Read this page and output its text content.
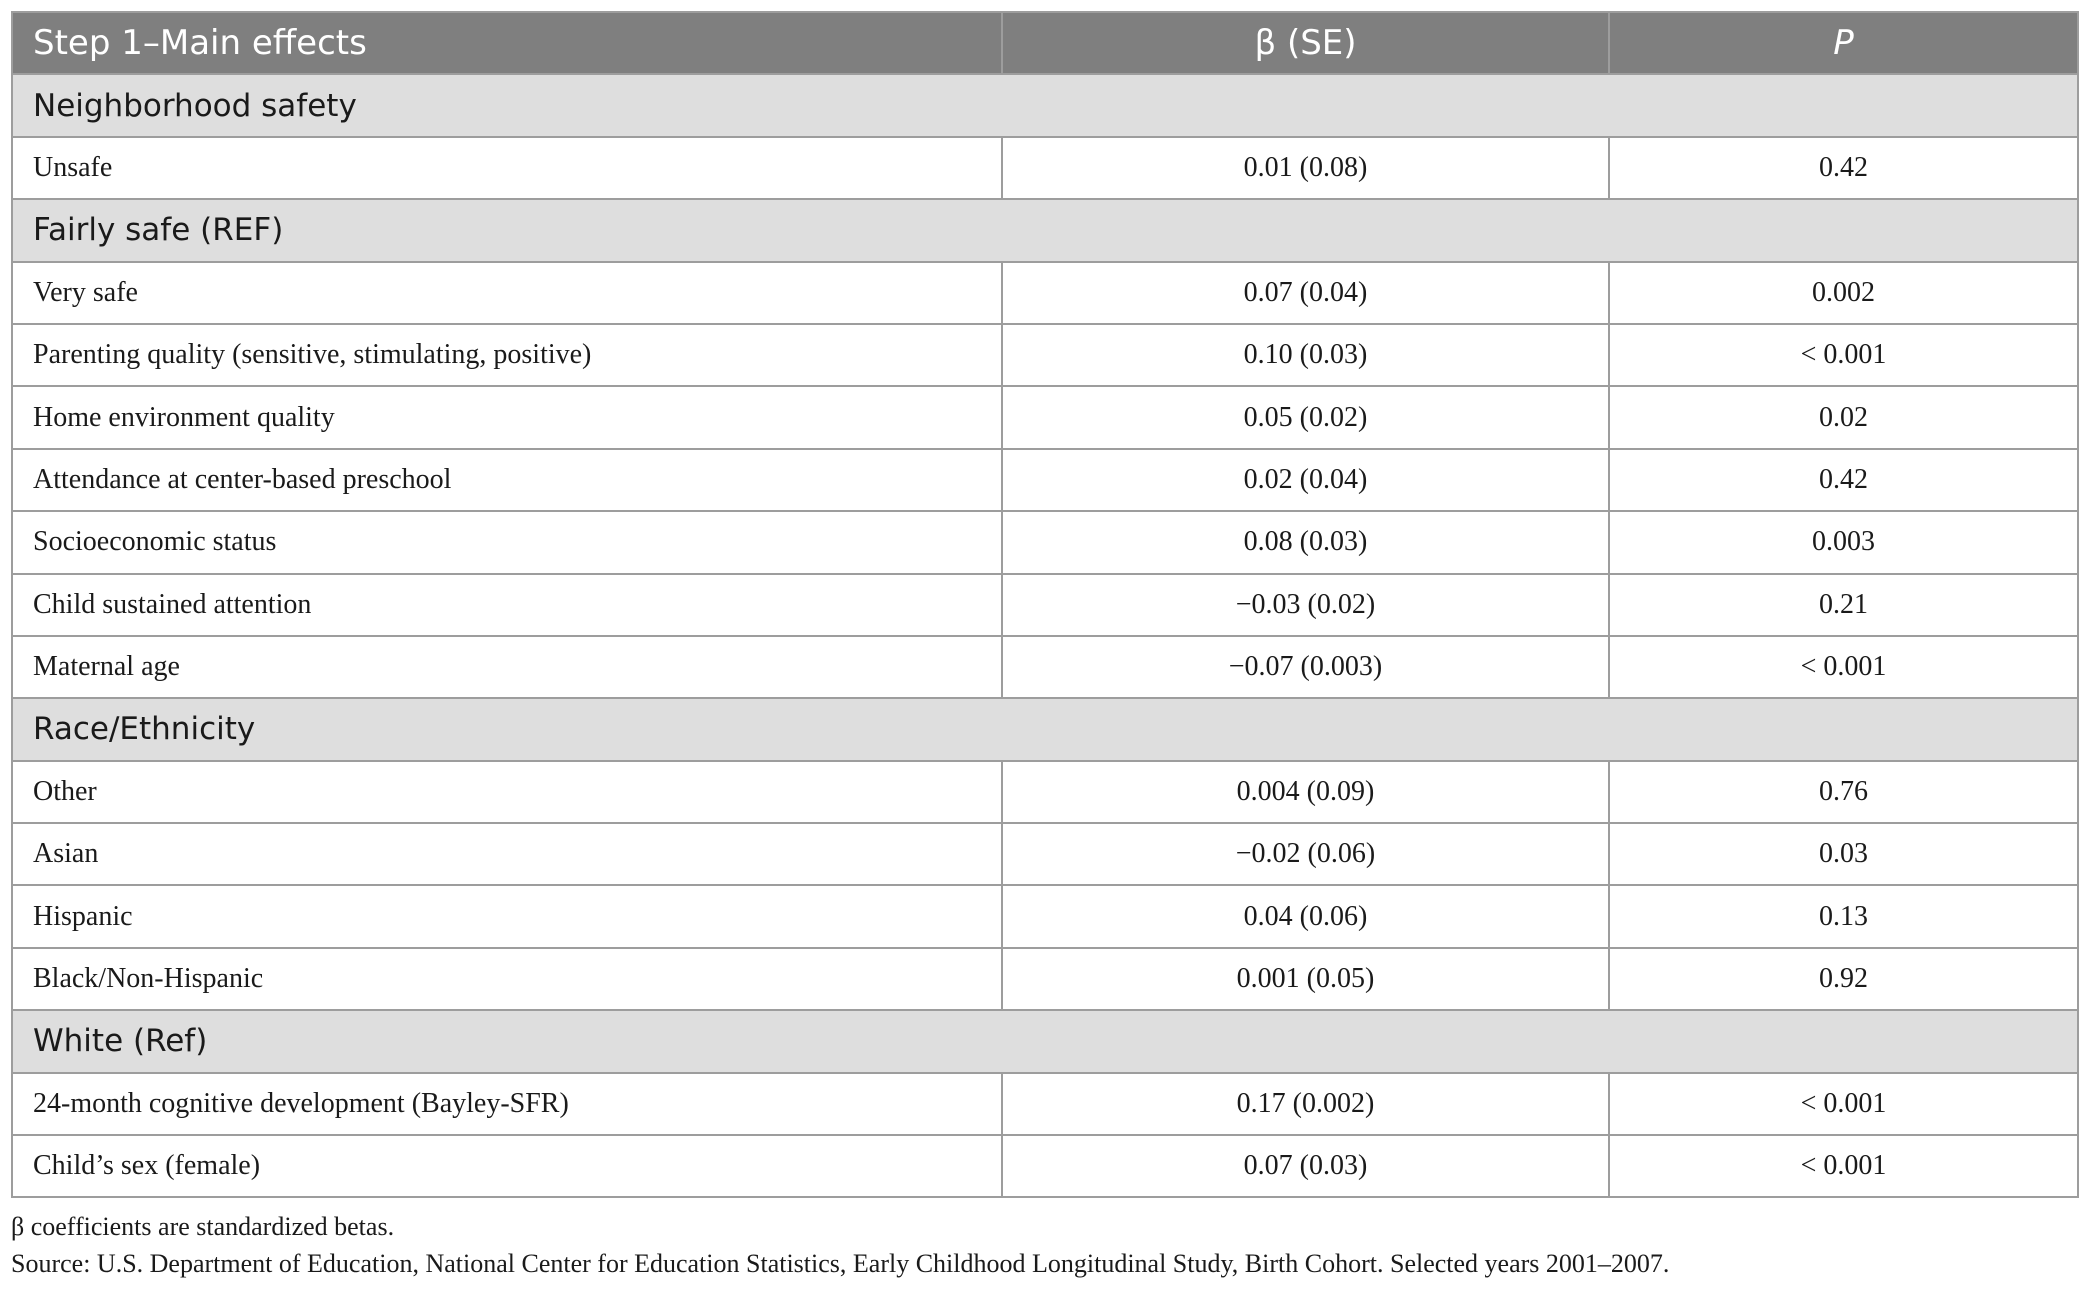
Step 1–Main effects	β (SE)	P
Neighborhood safety		
Unsafe	0.01 (0.08)	0.42
Fairly safe (REF)		
Very safe	0.07 (0.04)	0.002
Parenting quality (sensitive, stimulating, positive)	0.10 (0.03)	< 0.001
Home environment quality	0.05 (0.02)	0.02
Attendance at center-based preschool	0.02 (0.04)	0.42
Socioeconomic status	0.08 (0.03)	0.003
Child sustained attention	−0.03 (0.02)	0.21
Maternal age	−0.07 (0.003)	< 0.001
Race/Ethnicity		
Other	0.004 (0.09)	0.76
Asian	−0.02 (0.06)	0.03
Hispanic	0.04 (0.06)	0.13
Black/Non-Hispanic	0.001 (0.05)	0.92
White (Ref)		
24-month cognitive development (Bayley-SFR)	0.17 (0.002)	< 0.001
Child’s sex (female)	0.07 (0.03)	< 0.001

β coefficients are standardized betas.

Source: U.S. Department of Education, National Center for Education Statistics, Early Childhood Longitudinal Study, Birth Cohort. Selected years 2001–2007.
